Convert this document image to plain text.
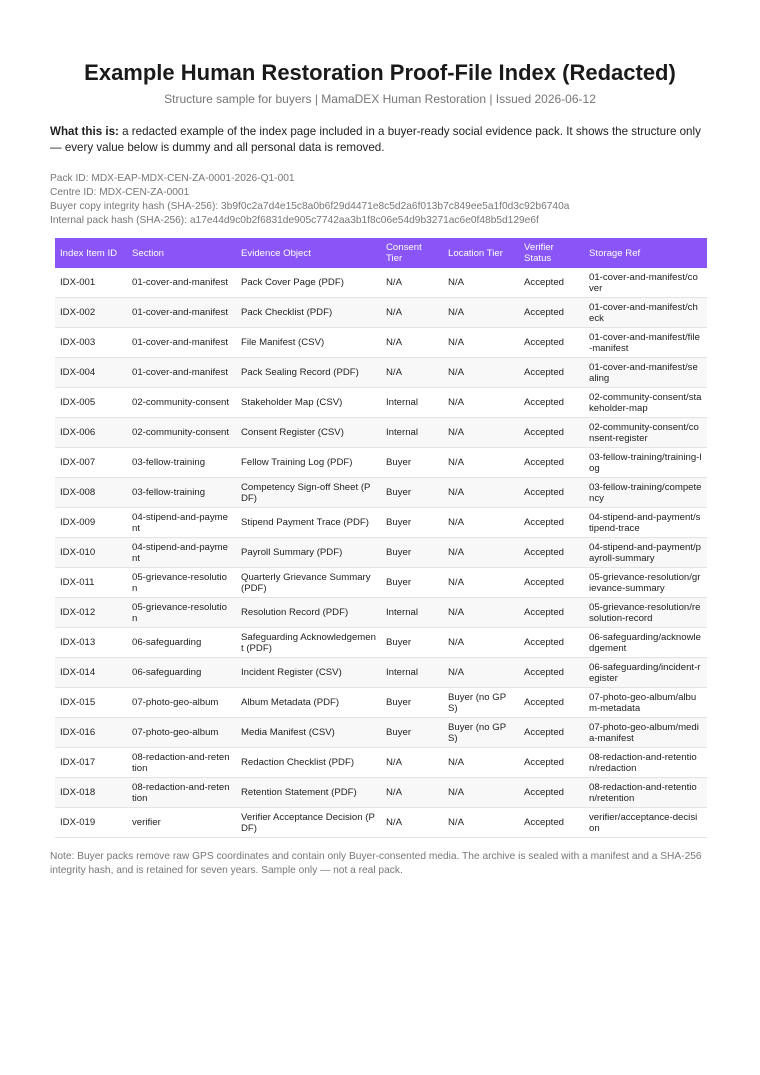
Example Human Restoration Proof-File Index (Redacted)
Structure sample for buyers | MamaDEX Human Restoration | Issued 2026-06-12
What this is: a redacted example of the index page included in a buyer-ready social evidence pack. It shows the structure only — every value below is dummy and all personal data is removed.
Pack ID: MDX-EAP-MDX-CEN-ZA-0001-2026-Q1-001
Centre ID: MDX-CEN-ZA-0001
Buyer copy integrity hash (SHA-256): 3b9f0c2a7d4e15c8a0b6f29d4471e8c5d2a6f013b7c849ee5a1f0d3c92b6740a
Internal pack hash (SHA-256): a17e44d9c0b2f6831de905c7742aa3b1f8c06e54d9b3271ac6e0f48b5d129e6f
Index Item ID	Section	Evidence Object	Consent Tier	Location Tier	Verifier Status	Storage Ref
IDX-001	01-cover-and-manifest	Pack Cover Page (PDF)	N/A	N/A	Accepted	01-cover-and-manifest/cover
IDX-002	01-cover-and-manifest	Pack Checklist (PDF)	N/A	N/A	Accepted	01-cover-and-manifest/check
IDX-003	01-cover-and-manifest	File Manifest (CSV)	N/A	N/A	Accepted	01-cover-and-manifest/file-manifest
IDX-004	01-cover-and-manifest	Pack Sealing Record (PDF)	N/A	N/A	Accepted	01-cover-and-manifest/sealing
IDX-005	02-community-consent	Stakeholder Map (CSV)	Internal	N/A	Accepted	02-community-consent/stakeholder-map
IDX-006	02-community-consent	Consent Register (CSV)	Internal	N/A	Accepted	02-community-consent/consent-register
IDX-007	03-fellow-training	Fellow Training Log (PDF)	Buyer	N/A	Accepted	03-fellow-training/training-log
IDX-008	03-fellow-training	Competency Sign-off Sheet (PDF)	Buyer	N/A	Accepted	03-fellow-training/competency
IDX-009	04-stipend-and-payment	Stipend Payment Trace (PDF)	Buyer	N/A	Accepted	04-stipend-and-payment/stipend-trace
IDX-010	04-stipend-and-payment	Payroll Summary (PDF)	Buyer	N/A	Accepted	04-stipend-and-payment/payroll-summary
IDX-011	05-grievance-resolution	Quarterly Grievance Summary (PDF)	Buyer	N/A	Accepted	05-grievance-resolution/grievance-summary
IDX-012	05-grievance-resolution	Resolution Record (PDF)	Internal	N/A	Accepted	05-grievance-resolution/resolution-record
IDX-013	06-safeguarding	Safeguarding Acknowledgement (PDF)	Buyer	N/A	Accepted	06-safeguarding/acknowledgement
IDX-014	06-safeguarding	Incident Register (CSV)	Internal	N/A	Accepted	06-safeguarding/incident-register
IDX-015	07-photo-geo-album	Album Metadata (PDF)	Buyer	Buyer (no GPS)	Accepted	07-photo-geo-album/album-metadata
IDX-016	07-photo-geo-album	Media Manifest (CSV)	Buyer	Buyer (no GPS)	Accepted	07-photo-geo-album/media-manifest
IDX-017	08-redaction-and-retention	Redaction Checklist (PDF)	N/A	N/A	Accepted	08-redaction-and-retention/redaction
IDX-018	08-redaction-and-retention	Retention Statement (PDF)	N/A	N/A	Accepted	08-redaction-and-retention/retention
IDX-019	verifier	Verifier Acceptance Decision (PDF)	N/A	N/A	Accepted	verifier/acceptance-decision
Note: Buyer packs remove raw GPS coordinates and contain only Buyer-consented media. The archive is sealed with a manifest and a SHA-256 integrity hash, and is retained for seven years. Sample only — not a real pack.
